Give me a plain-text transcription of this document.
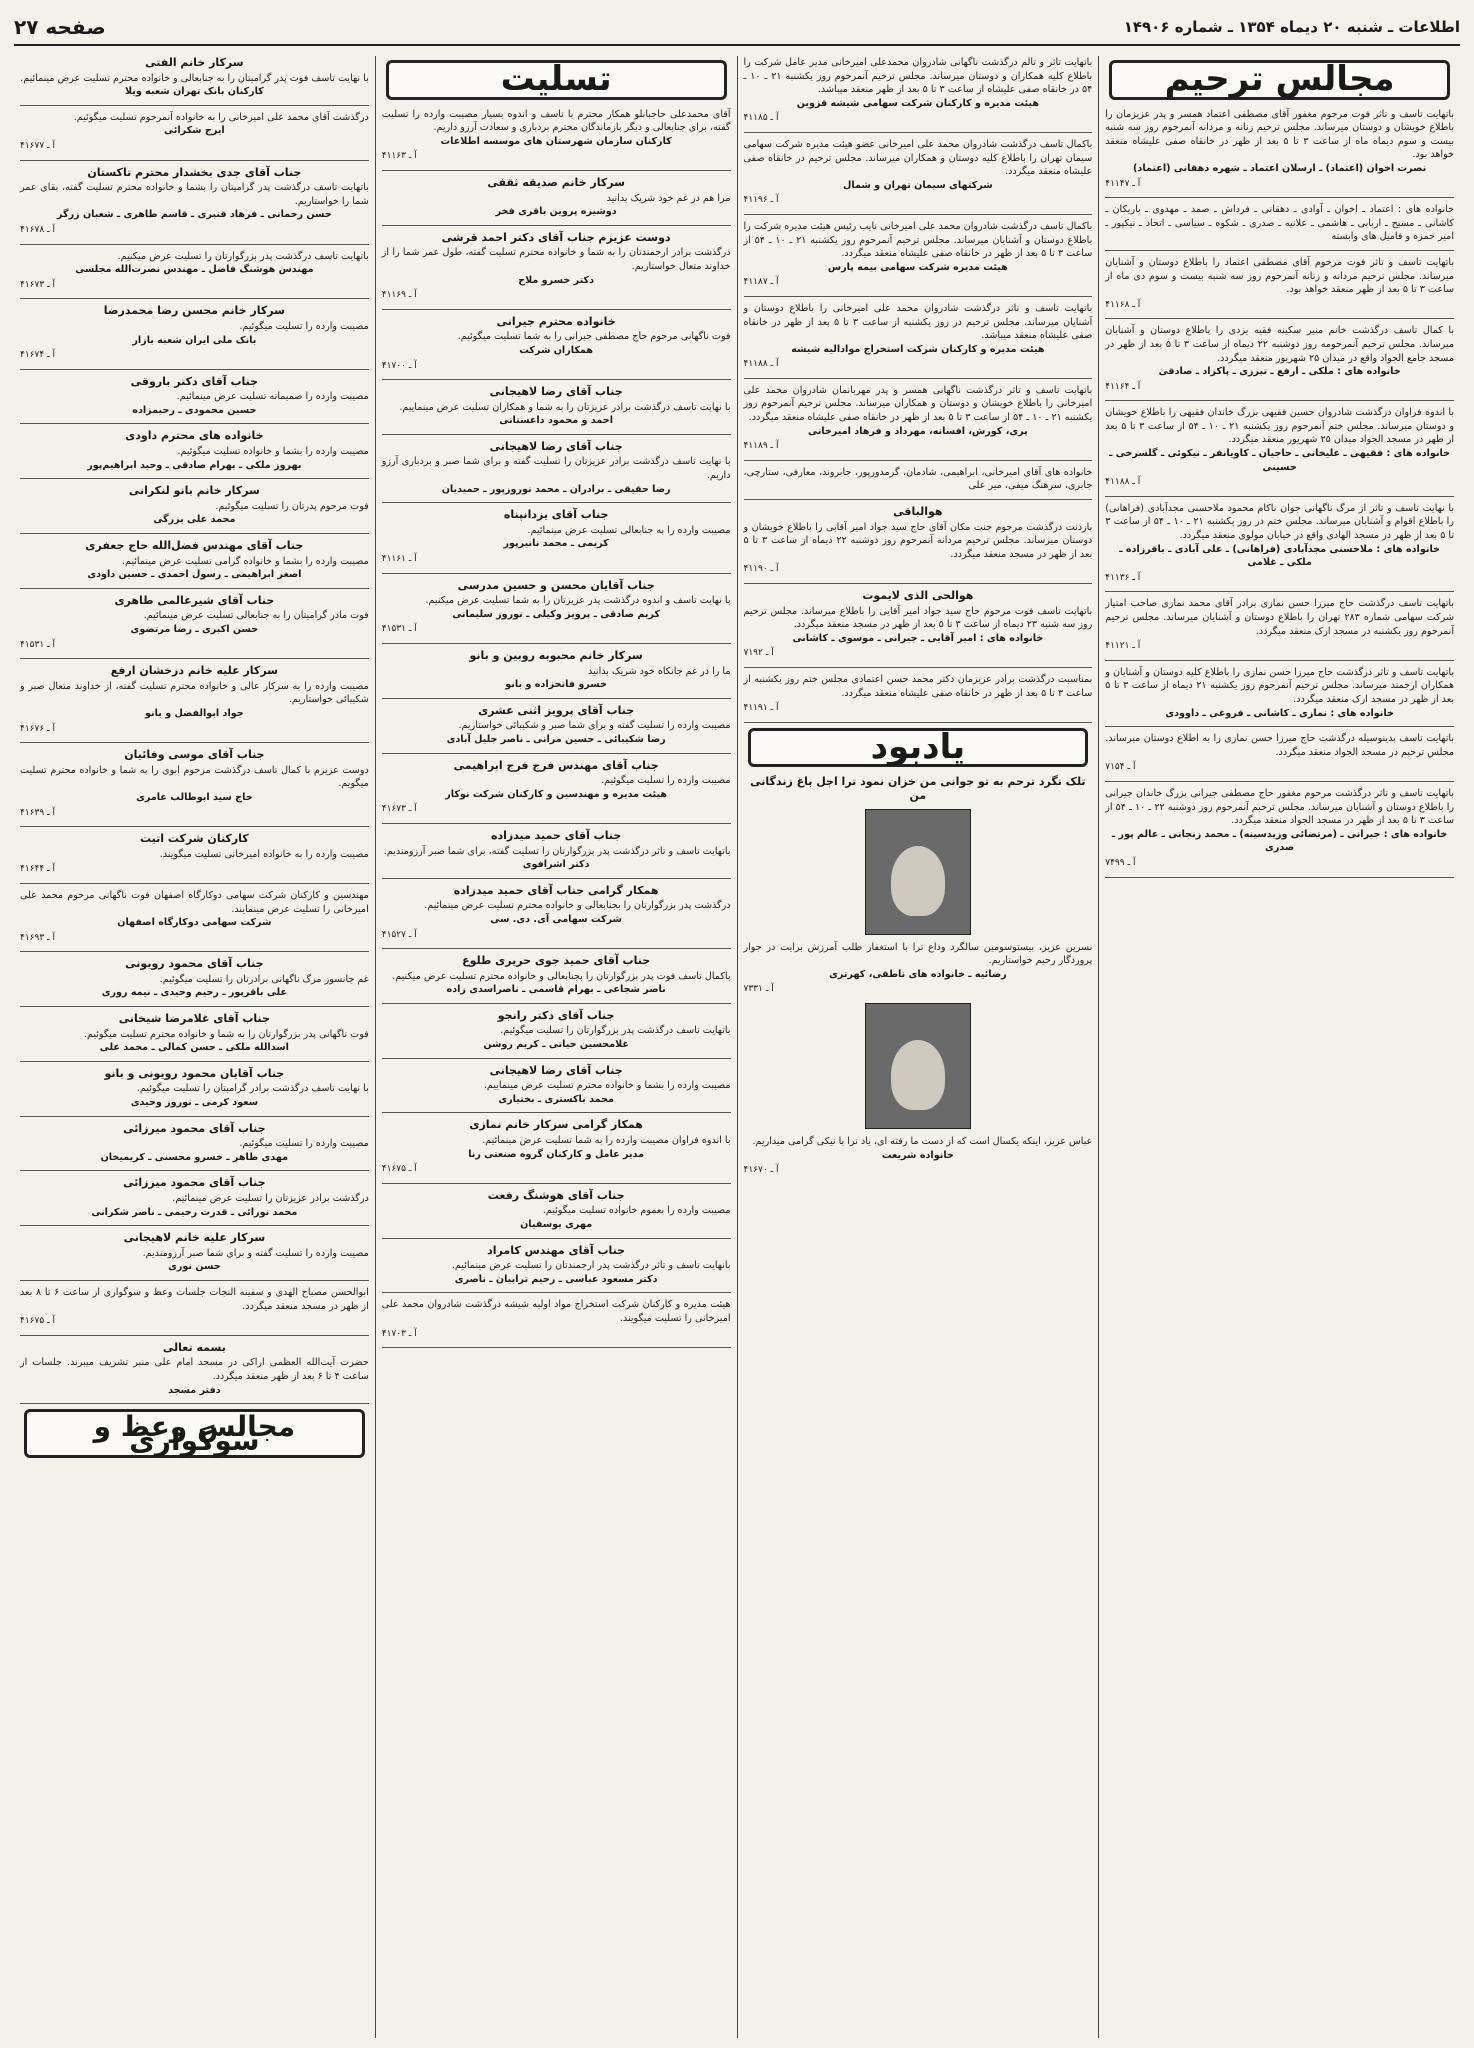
اطلاعات ـ شنبه ۲۰ دیماه ۱۳۵۴ ـ شماره ۱۴۹۰۶
صفحه ۲۷
مجالس ترحیم
باتهایت تاسف و تاثر فوت مرحوم مغفور آقای مصطفی اعتماد همسر و پدر عزیزمان را باطلاع خویشان و دوستان میرساند. مجلس ترحیم زنانه و مردانه آنمرحوم روز سه شنبه بیست و سوم دیماه ماه از ساعت ۳ تا ۵ بعد از ظهر در خانقاه صفی علیشاه منعقد خواهد بود.
نصرت اخوان (اعتماد) ـ ارسلان اعتماد ـ شهره دهقانی (اعتماد)
آ ـ ۴۱۱۴۷
خانواده های : اعتماد ـ اخوان ـ آوادی ـ دهقانی ـ فرداش ـ صمد ـ مهدوی ـ باریکان ـ کاشانی ـ مسیح ـ اربابی ـ هاشمی ـ علانیه ـ صدری ـ شکوه ـ سیاسی ـ اتحاد ـ نیکپور ـ امیر حمزه و فامیل های وابسته
باتهایت تاسف و تاثر فوت مرحوم آقای مصطفی اعتماد را باطلاع دوستان و آشنایان میرساند. مجلس ترحیم مردانه و زنانه آنمرحوم روز سه شنبه بیست و سوم دی ماه از ساعت ۳ تا ۵ بعد از ظهر منعقد خواهد بود.
آ ـ ۴۱۱۶۸
با کمال تاسف درگذشت خانم منیر سکینه فقیه یزدی را باطلاع دوستان و آشنایان میرساند. مجلس ترحیم آنمرحومه روز دوشنبه ۲۲ دیماه از ساعت ۳ تا ۵ بعد از ظهر در مسجد جامع الجواد واقع در میدان ۲۵ شهریور منعقد میگردد.
خانواده های : ملکی ـ ارفع ـ تبرزی ـ پاکزاد ـ صادقی
آ ـ ۴۱۱۶۴
با اندوه فراوان درگذشت شادروان حسین فقیهی بزرگ خاندان فقیهی را باطلاع خویشان و دوستان میرساند. مجلس ختم آنمرحوم روز یکشنبه ۲۱ ـ ۱۰ ـ ۵۴ از ساعت ۳ تا ۵ بعد از ظهر در مسجد الجواد میدان ۲۵ شهریور منعقد میگردد.
خانواده های : فقیهی ـ علیخانی ـ حاجیان ـ کاویانفر ـ نیکوئی ـ گلسرخی ـ حسینی
آ ـ ۴۱۱۸۸
با نهایت تاسف و تاثر از مرگ ناگهانی جوان ناکام محمود ملاحسنی مجدآبادی (فراهانی) را باطلاع اقوام و آشنایان میرساند. مجلس ختم در روز یکشنبه ۲۱ ـ ۱۰ ـ ۵۴ از ساعت ۳ تا ۵ بعد از ظهر در مسجد الهادی واقع در خیابان مولوی منعقد میگردد.
خانواده های : ملاحسنی مجدآبادی (فراهانی) ـ علی آبادی ـ باقرزاده ـ ملکی ـ غلامی
آ ـ ۴۱۱۳۶
باتهایت تاسف درگذشت حاج میرزا حسن نمازی برادر آقای محمد نمازی صاحب امتیاز شرکت سهامی شماره ۲۸۳ تهران را باطلاع دوستان و آشنایان میرساند. مجلس ترحیم آنمرحوم روز یکشنبه در مسجد ارک منعقد میگردد.
آ ـ ۴۱۱۲۱
باتهایت تاسف و تاثر درگذشت حاج میرزا حسن نمازی را باطلاع کلیه دوستان و آشنایان و همکاران ارجمند میرساند. مجلس ترحیم آنمرحوم روز یکشنبه ۲۱ دیماه از ساعت ۳ تا ۵ بعد از ظهر در مسجد ارک منعقد میگردد.
خانواده های : نمازی ـ کاشانی ـ فروغی ـ داوودی
باتهایت تاسف بدینوسیله درگذشت حاج میرزا حسن نمازی را به اطلاع دوستان میرساند. مجلس ترحیم در مسجد الجواد منعقد میگردد.
آ ـ ۷۱۵۴
باتهایت تاسف و تاثر درگذشت مرحوم مغفور حاج مصطفی جیرانی بزرگ خاندان جیرانی را باطلاع دوستان و آشنایان میرساند. مجلس ترحیم آنمرحوم روز دوشنبه ۲۲ ـ ۱۰ ـ ۵۴ از ساعت ۳ تا ۵ بعد از ظهر در مسجد الجواد منعقد میگردد.
خانواده های : جیرانی ـ (مرتضائی وزیدسینه) ـ محمد زنجانی ـ عالم پور ـ صدری
آ ـ ۷۴۹۹
باتهایت تاثر و تالم درگذشت ناگهانی شادروان محمدعلی امیرخانی مدیر عامل شرکت را باطلاع کلیه همکاران و دوستان میرساند. مجلس ترحیم آنمرحوم روز یکشنبه ۲۱ ـ ۱۰ ـ ۵۴ در خانقاه صفی علیشاه از ساعت ۳ تا ۵ بعد از ظهر منعقد میباشد.
هیئت مدیره و کارکنان شرکت سهامی شیشه قزوین
آ ـ ۴۱۱۸۵
باکمال تاسف درگذشت شادروان محمد علی امیرخانی عضو هیئت مدیره شرکت سهامی سیمان تهران را باطلاع کلیه دوستان و همکاران میرساند. مجلس ترحیم در خانقاه صفی علیشاه منعقد میگردد.
شرکتهای سیمان تهران و شمال
آ ـ ۴۱۱۹۶
باکمال تاسف درگذشت شادروان محمد علی امیرخانی نایب رئیس هیئت مدیره شرکت را باطلاع دوستان و آشنایان میرساند. مجلس ترحیم آنمرحوم روز یکشنبه ۲۱ ـ ۱۰ ـ ۵۴ از ساعت ۳ تا ۵ بعد از ظهر در خانقاه صفی علیشاه منعقد میگردد.
هیئت مدیره شرکت سهامی بیمه پارس
آ ـ ۴۱۱۸۷
باتهایت تاسف و تاثر درگذشت شادروان محمد علی امیرخانی را باطلاع دوستان و آشنایان میرساند. مجلس ترحیم در روز یکشنبه از ساعت ۳ تا ۵ بعد از ظهر در خانقاه صفی علیشاه منعقد میباشد.
هیئت مدیره و کارکنان شرکت استخراج موادالیه شیشه
آ ـ ۴۱۱۸۸
باتهایت تاسف و تاثر درگذشت ناگهانی همسر و پدر مهربانمان شادروان محمد علی امیرخانی را باطلاع خویشان و دوستان و همکاران میرساند. مجلس ترحیم آنمرحوم روز یکشنبه ۲۱ ـ ۱۰ ـ ۵۴ از ساعت ۳ تا ۵ بعد از ظهر در خانقاه صفی علیشاه منعقد میگردد.
پری، کورش، افسانه، مهرداد و فرهاد امیرخانی
آ ـ ۴۱۱۸۹
خانواده های آقای امیرخانی، ابراهیمی، شادمان، گرمدورپور، جابروند، معارفی، ستارچی، جابری، سرهنگ میفی، میر علی
هوالباقی
بازدنت درگذشت مرحوم جنت مکان آقای حاج سید جواد امیر آقایی را باطلاع خویشان و دوستان میرساند. مجلس ترحیم مردانه آنمرحوم روز دوشنبه ۲۲ دیماه از ساعت ۳ تا ۵ بعد از ظهر در مسجد منعقد میگردد.
آ ـ ۴۱۱۹۰
هوالحی الذی لایموت
باتهایت تاسف فوت مرحوم حاج سید جواد امیر آقایی را باطلاع میرساند. مجلس ترحیم روز سه شنبه ۲۳ دیماه از ساعت ۳ تا ۵ بعد از ظهر در مسجد منعقد میگردد.
خانواده های : امیر آقایی ـ جیرانی ـ موسوی ـ کاشانی
آ ـ ۷۱۹۲
بمناسبت درگذشت برادر عزیزمان دکتر محمد حسن اعتمادی مجلس ختم روز یکشنبه از ساعت ۳ تا ۵ بعد از ظهر در خانقاه صفی علیشاه منعقد میگردد.
آ ـ ۴۱۱۹۱
یادبود
تلک نگرد ترحم به تو جوانی من خزان نمود ترا اجل باغ زندگانی من
نسرین عزیز، بیستوسومین سالگرد وداع ترا با استغفار طلب آمرزش برایت در جوار پروردگار رحیم خواستاریم.
رضائیه ـ خانواده های ناطقی، کهرنری
آ ـ ۷۳۳۱
عباس عزیز، اینکه یکسال است که از دست ما رفته ای، یاد ترا با نیکی گرامی میداریم.
خانواده شریعت
آ ـ ۴۱۶۷۰
تسلیت
آقای محمدعلی حاجبانلو همکار محترم با تاسف و اندوه بسیار مصیبت وارده را تسلیت گفته، برای جنابعالی و دیگر بازماندگان محترم بردباری و سعادت آرزو داریم.
کارکنان سازمان شهرستان های موسسه اطلاعات
آ ـ ۴۱۱۶۳
سرکار خانم صدیقه ثقفی
مرا هم در غم خود شریک بدانید
دوشیزه پروین باقری فخر
دوست عزیزم جناب آقای دکتر احمد قرشی
درگذشت برادر ارجمندتان را به شما و خانواده محترم تسلیت گفته، طول عمر شما را از خداوند متعال خواستاریم.
دکتر خسرو ملاح
آ ـ ۴۱۱۶۹
خانواده محترم جیرانی
فوت ناگهانی مرحوم حاج مصطفی جیرانی را به شما تسلیت میگوئیم.
همکاران شرکت
آ ـ ۴۱۷۰۰
جناب آقای رضا لاهیجانی
با نهایت تاسف درگذشت برادر عزیزتان را به شما و همکاران تسلیت عرض مینماییم.
احمد و محمود داعستانی
جناب آقای رضا لاهیجانی
با نهایت تاسف درگذشت برادر عزیزتان را تسلیت گفته و برای شما صبر و بردباری آرزو داریم.
رضا حقیقی ـ برادران ـ محمد نوروزپور ـ حمیدیان
جناب آقای یزدانپناه
مصیبت وارده را به جنابعالی تسلیت عرض مینمائیم.
کریمی ـ محمد نانیرپور
آ ـ ۴۱۱۶۱
جناب آقایان محسن و حسین مدرسی
با نهایت تاسف و اندوه درگذشت پدر عزیزتان را به شما تسلیت عرض میکنیم.
کریم صادقی ـ پرویز وکیلی ـ نوروز سلیمانی
آ ـ ۴۱۵۳۱
سرکار خانم محبوبه روبین و بانو
ما را در غم جانکاه خود شریک بدانید
خسرو فاتحزاده و بانو
جناب آقای پرویز اثنی عشری
مصیبت وارده را تسلیت گفته و برای شما صبر و شکیبائی خواستاریم.
رضا شکیبائی ـ حسین مرانی ـ ناصر جلیل آبادی
جناب آقای مهندس فرج فرج ابراهیمی
مصیبت وارده را تسلیت میگوئیم.
هیئت مدیره و مهندسین و کارکنان شرکت نوکار
آ ـ ۴۱۶۷۳
جناب آقای حمید میدزاده
باتهایت تاسف و تاثر درگذشت پدر بزرگوارتان را تسلیت گفته، برای شما صبر آرزومندیم.
دکتر اشرافوی
همکار گرامی جناب آقای حمید میدزاده
درگذشت پدر بزرگوارتان را بجنابعالی و خانواده محترم تسلیت عرض مینمائیم.
شرکت سهامی آی. دی. سی
آ ـ ۴۱۵۲۷
جناب آقای حمید جوی حریری طلوع
باکمال تاسف فوت پدر بزرگوارتان را بجنابعالی و خانواده محترم تسلیت عرض میکنیم.
ناصر شجاعی ـ بهرام قاسمی ـ ناصراسدی زاده
جناب آقای دکتر رانجو
باتهایت تاسف درگذشت پدر بزرگوارتان را تسلیت میگوئیم.
غلامحسین حیاتی ـ کریم روشن
جناب آقای رضا لاهیجانی
مصیبت وارده را بشما و خانواده محترم تسلیت عرض مینماییم.
محمد باکستری ـ بختیاری
همکار گرامی سرکار خانم نمازی
با اندوه فراوان مصیبت وارده را به شما تسلیت عرض مینمائیم.
مدیر عامل و کارکنان گروه صنعتی رنا
آ ـ ۴۱۶۷۵
جناب آقای هوشنگ رفعت
مصیبت وارده را بعموم خانواده تسلیت میگوئیم.
مهری یوسفیان
جناب آقای مهندس کامراد
بانهایت تاسف و تاثر درگذشت پدر ارجمندتان را تسلیت عرض مینمائیم.
دکتر مسعود عباسی ـ رحیم ترابیان ـ ناصری
هیئت مدیره و کارکنان شرکت استخراج مواد اولیه شیشه درگذشت شادروان محمد علی امیرخانی را تسلیت میگویند.
آ ـ ۴۱۷۰۳
سرکار خانم الفتی
با نهایت تاسف فوت پدر گرامیتان را به جنابعالی و خانواده محترم تسلیت عرض مینمائیم.
کارکنان بانک تهران شعبه ویلا
درگذشت آقای محمد علی امیرخانی را به خانواده آنمرحوم تسلیت میگوئیم.
ایرج شکرائی
آ ـ ۴۱۶۷۷
جناب آقای جدی بخشدار محترم تاکستان
باتهایت تاسف درگذشت پدر گرامیتان را بشما و خانواده محترم تسلیت گفته، بقای عمر شما را خواستاریم.
حسن رحمانی ـ فرهاد قنبری ـ قاسم طاهری ـ شعبان زرگر
آ ـ ۴۱۶۷۸
باتهایت تاسف درگذشت پدر بزرگوارتان را تسلیت عرض میکنیم.
مهندس هوشنگ فاضل ـ مهندس نصرت‌الله مجلسی
آ ـ ۴۱۶۷۳
سرکار خانم محسن رضا محمدرضا
مصیبت وارده را تسلیت میگوئیم.
بانک ملی ایران شعبه بازار
آ ـ ۴۱۶۷۴
جناب آقای دکتر باروقی
مصیبت وارده را صمیمانه تسلیت عرض مینمائیم.
حسین محمودی ـ رحیمزاده
خانواده های محترم داودی
مصیبت وارده را بشما و خانواده تسلیت میگوئیم.
بهروز ملکی ـ بهرام صادقی ـ وحید ابراهیم‌پور
سرکار خانم بانو لنکرانی
فوت مرحوم پدرتان را تسلیت میگوئیم.
محمد علی بزرگی
جناب آقای مهندس فضل‌الله حاج جعفری
مصیبت وارده را بشما و خانواده گرامی تسلیت عرض مینمائیم.
اصغر ابراهیمی ـ رسول احمدی ـ حسین داودی
جناب آقای شیرعالمی طاهری
فوت مادر گرامیتان را به جنابعالی تسلیت عرض مینمائیم.
حسن اکبری ـ رضا مرتضوی
آ ـ ۴۱۵۳۱
سرکار علیه خانم درخشان ارفع
مصیبت وارده را به سرکار عالی و خانواده محترم تسلیت گفته، از خداوند متعال صبر و شکیبائی خواستاریم.
جواد ابوالفضل و بانو
آ ـ ۴۱۶۷۶
جناب آقای موسی وفائیان
دوست عزیزم با کمال تاسف درگذشت مرحوم ابوی را به شما و خانواده محترم تسلیت میگویم.
حاج سید ابوطالب عامری
آ ـ ۴۱۶۳۹
کارکنان شرکت اتیت
مصیبت وارده را به خانواده امیرخانی تسلیت میگویند.
آ ـ ۴۱۶۴۴
مهندسین و کارکنان شرکت سهامی دوکارگاه اصفهان فوت ناگهانی مرحوم محمد علی امیرخانی را تسلیت عرض مینمایند.
شرکت سهامی دوکارگاه اصفهان
آ ـ ۴۱۶۹۳
جناب آقای محمود رویونی
غم جانسوز مرگ ناگهانی برادرتان را تسلیت میگوئیم.
علی باقرپور ـ رحیم وحیدی ـ نیمه روری
جناب آقای غلامرضا شیخانی
فوت ناگهانی پدر بزرگوارتان را به شما و خانواده محترم تسلیت میگوئیم.
اسدالله ملکی ـ حسن کمالی ـ محمد علی
جناب آقایان محمود رویونی و بانو
با نهایت تاسف درگذشت برادر گرامیتان را تسلیت میگوئیم.
سعود کرمی ـ نوروز وحیدی
جناب آقای محمود میرزائی
مصیبت وارده را تسلیت میگوئیم.
مهدی طاهر ـ خسرو محسنی ـ کریمیخان
جناب آقای محمود میرزائی
درگذشت برادر عزیزتان را تسلیت عرض مینمائیم.
محمد نورائی ـ قدرت رحیمی ـ ناصر شکرانی
سرکار علیه خانم لاهیجانی
مصیبت وارده را تسلیت گفته و برای شما صبر آرزومندیم.
حسن نوری
ابوالحسن مصباح الهدی و سفینه النجات جلسات وعظ و سوگواری از ساعت ۶ تا ۸ بعد از ظهر در مسجد منعقد میگردد.
آ ـ ۴۱۶۷۵
بسمه تعالی
حضرت آیت‌الله العظمی اراکی در مسجد امام علی منبر تشریف میبرند. جلسات از ساعت ۴ تا ۶ بعد از ظهر منعقد میگردد.
دفتر مسجد
مجالس وعظ و سوگواری
